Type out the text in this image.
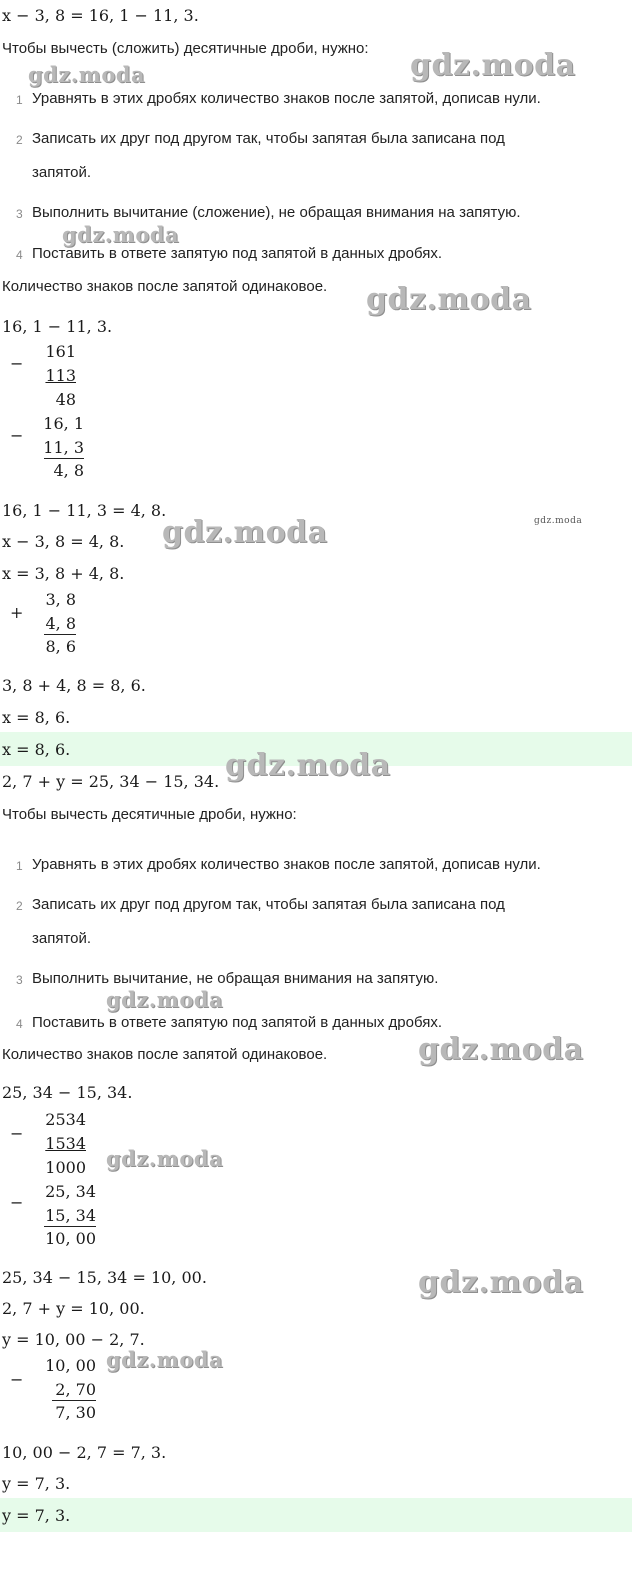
x − 3, 8 = 16, 1 − 11, 3.
Чтобы вычесть (сложить) десятичные дроби, нужно:
1 Уравнять в этих дробях количество знаков после запятой, дописав нули.
2 Записать их друг под другом так, чтобы запятая была записана под
запятой.
3 Выполнить вычитание (сложение), не обращая внимания на запятую.
4 Поставить в ответе запятую под запятой в данных дробях.
Количество знаков после запятой одинаковое.
16, 1 − 11, 3.
−
161
113
48
−
16, 1
11, 3
4, 8
16, 1 − 11, 3 = 4, 8.
x − 3, 8 = 4, 8.
x = 3, 8 + 4, 8.
+
3, 8
4, 8
8, 6
3, 8 + 4, 8 = 8, 6.
x = 8, 6.
x = 8, 6.
2, 7 + y = 25, 34 − 15, 34.
Чтобы вычесть десятичные дроби, нужно:
1 Уравнять в этих дробях количество знаков после запятой, дописав нули.
2 Записать их друг под другом так, чтобы запятая была записана под
запятой.
3 Выполнить вычитание, не обращая внимания на запятую.
4 Поставить в ответе запятую под запятой в данных дробях.
Количество знаков после запятой одинаковое.
25, 34 − 15, 34.
−
2534
1534
1000
−
25, 34
15, 34
10, 00
25, 34 − 15, 34 = 10, 00.
2, 7 + y = 10, 00.
y = 10, 00 − 2, 7.
−
10, 00
2, 70
7, 30
10, 00 − 2, 7 = 7, 3.
y = 7, 3.
y = 7, 3.
gdz.moda	gdz.moda
gdz.moda
gdz.moda
gdz.moda	gdz.moda
gdz.moda
gdz.moda
gdz.moda
gdz.moda
gdz.moda
gdz.moda
